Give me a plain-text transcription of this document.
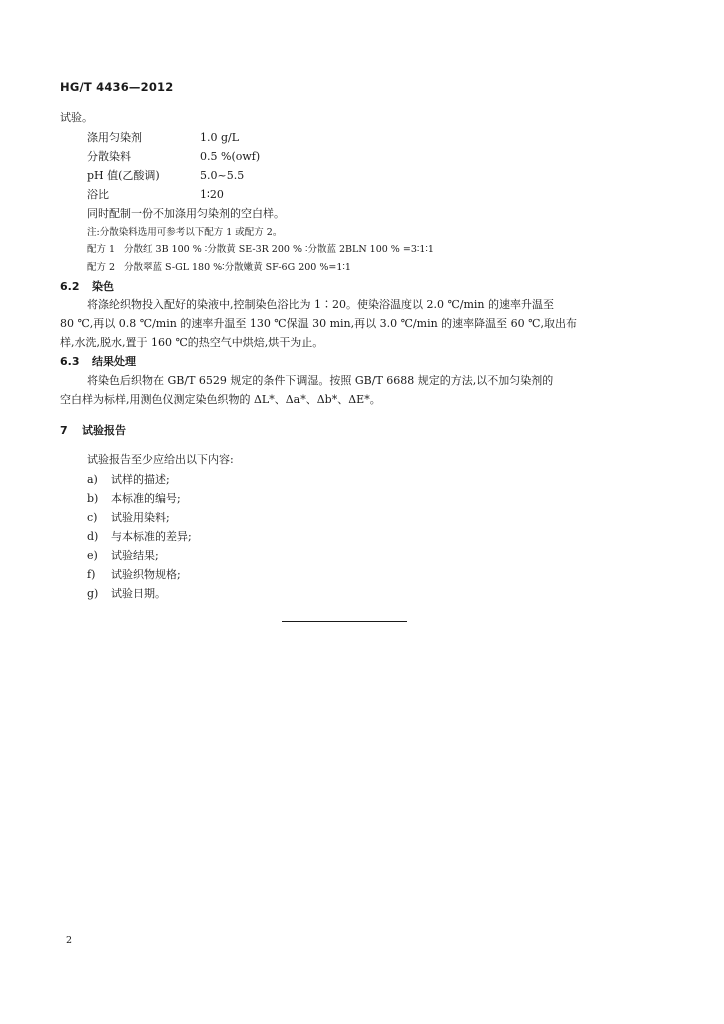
HG/T 4436—2012
试验。
涤用匀染剂	1.0 g/L
分散染料	0.5 %(owf)
pH 值(乙酸调)	5.0~5.5
浴比	1∶20
同时配制一份不加涤用匀染剂的空白样。
注:分散染料选用可参考以下配方 1 或配方 2。
配方 1 分散红 3B 100 % ∶分散黄 SE-3R 200 % ∶分散蓝 2BLN 100 % =3∶1∶1
配方 2 分散翠蓝 S-GL 180 %∶分散嫩黄 SF-6G 200 %=1∶1
6.2 染色
将涤纶织物投入配好的染液中,控制染色浴比为 1∶20。使染浴温度以 2.0 ℃/min 的速率升温至
80 ℃,再以 0.8 ℃/min 的速率升温至 130 ℃保温 30 min,再以 3.0 ℃/min 的速率降温至 60 ℃,取出布
样,水洗,脱水,置于 160 ℃的热空气中烘焙,烘干为止。
6.3 结果处理
将染色后织物在 GB/T 6529 规定的条件下调湿。按照 GB/T 6688 规定的方法,以不加匀染剂的
空白样为标样,用测色仪测定染色织物的 ΔL*、Δa*、Δb*、ΔE*。
7 试验报告
试验报告至少应给出以下内容:
a) 试样的描述;
b) 本标准的编号;
c) 试验用染料;
d) 与本标准的差异;
e) 试验结果;
f) 试验织物规格;
g) 试验日期。
2
